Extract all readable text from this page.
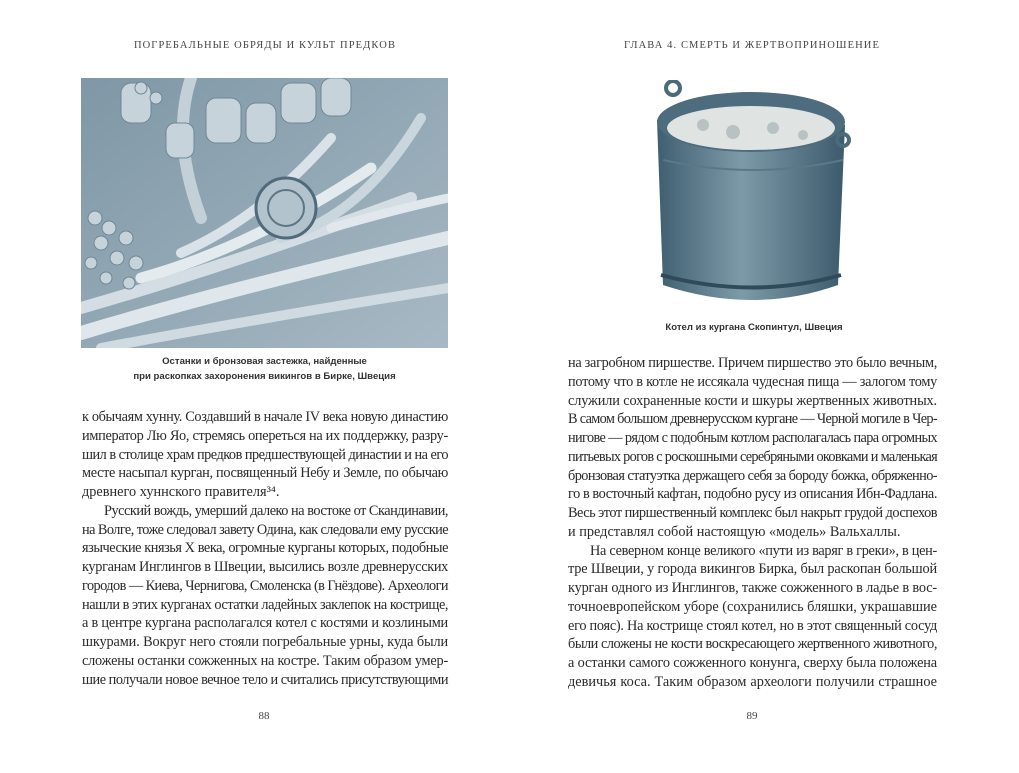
ПОГРЕБАЛЬНЫЕ ОБРЯДЫ И КУЛЬТ ПРЕДКОВ
Останки и бронзовая застежка, найденные
при раскопках захоронения викингов в Бирке, Швеция
к обычаям хунну. Создавший в начале IV века новую династию
император Лю Яо, стремясь опереться на их поддержку, разру-
шил в столице храм предков предшествующей династии и на его
месте насыпал курган, посвященный Небу и Земле, по обычаю
древнего хуннского правителя³⁴.
Русский вождь, умерший далеко на востоке от Скандинавии,
на Волге, тоже следовал завету Одина, как следовали ему русские
языческие князья X века, огромные курганы которых, подобные
курганам Инглингов в Швеции, высились возле древнерусских
городов — Киева, Чернигова, Смоленска (в Гнёздове). Археологи
нашли в этих курганах остатки ладейных заклепок на кострище,
а в центре кургана располагался котел с костями и козлиными
шкурами. Вокруг него стояли погребальные урны, куда были
сложены останки сожженных на костре. Таким образом умер-
шие получали новое вечное тело и считались присутствующими
88
ГЛАВА 4. СМЕРТЬ И ЖЕРТВОПРИНОШЕНИЕ
Котел из кургана Скопинтул, Швеция
на загробном пиршестве. Причем пиршество это было вечным,
потому что в котле не иссякала чудесная пища — залогом тому
служили сохраненные кости и шкуры жертвенных животных.
В самом большом древнерусском кургане — Черной могиле в Чер-
нигове — рядом с подобным котлом располагалась пара огромных
питьевых рогов с роскошными серебряными оковками и маленькая
бронзовая статуэтка держащего себя за бороду божка, обряженно-
го в восточный кафтан, подобно русу из описания Ибн-Фадлана.
Весь этот пиршественный комплекс был накрыт грудой доспехов
и представлял собой настоящую «модель» Вальхаллы.
На северном конце великого «пути из варяг в греки», в цен-
тре Швеции, у города викингов Бирка, был раскопан большой
курган одного из Инглингов, также сожженного в ладье в вос-
точноевропейском уборе (сохранились бляшки, украшавшие
его пояс). На кострище стоял котел, но в этот священный сосуд
были сложены не кости воскресающего жертвенного животного,
а останки самого сожженного конунга, сверху была положена
девичья коса. Таким образом археологи получили страшное
89
